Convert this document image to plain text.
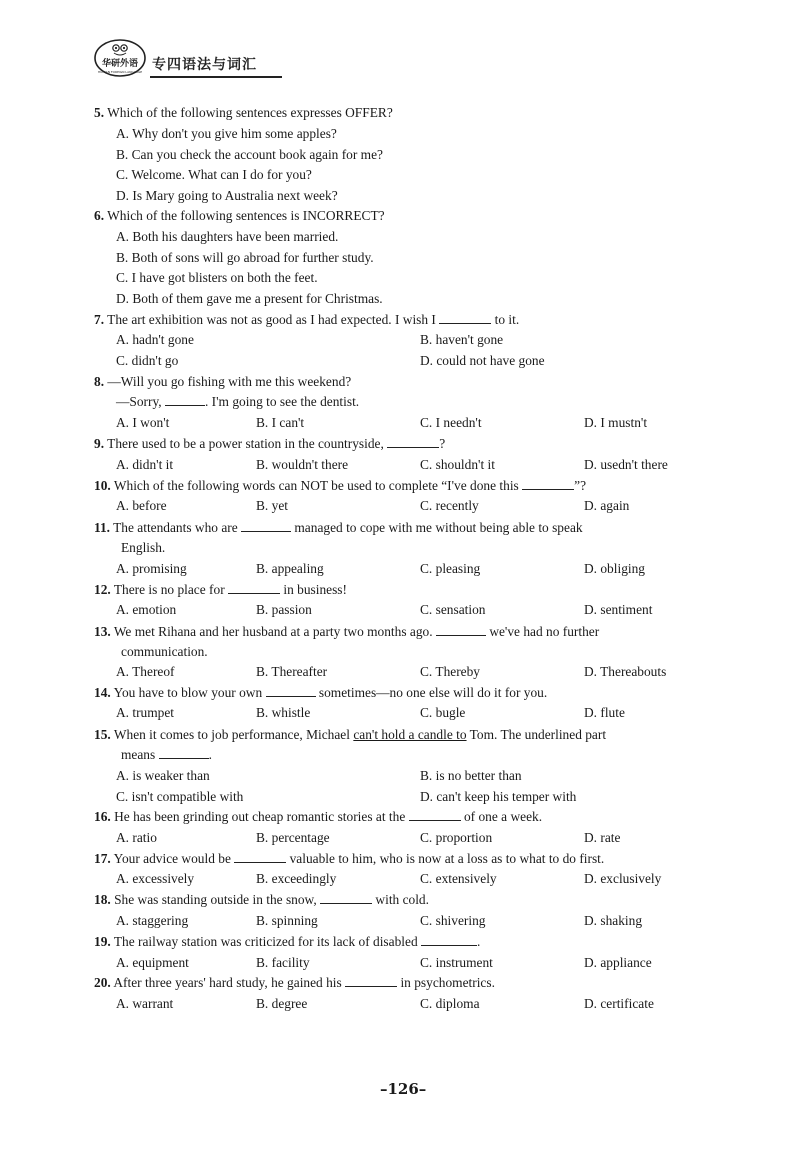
华研外语
HUAYAN FOREIGN LANGUAGE 专四语法与词汇
5. Which of the following sentences expresses OFFER?
A. Why don't you give him some apples?
B. Can you check the account book again for me?
C. Welcome. What can I do for you?
D. Is Mary going to Australia next week?
6. Which of the following sentences is INCORRECT?
A. Both his daughters have been married.
B. Both of sons will go abroad for further study.
C. I have got blisters on both the feet.
D. Both of them gave me a present for Christmas.
7. The art exhibition was not as good as I had expected. I wish I	to it.
A. hadn't gone	B. haven't gone
C. didn't go	D. could not have gone
8. —Will you go fishing with me this weekend?
—Sorry,	. I'm going to see the dentist.
A. I won't	B. I can't	C. I needn't	D. I mustn't
9. There used to be a power station in the countryside,	?
A. didn't it	B. wouldn't there	C. shouldn't it	D. usedn't there
10. Which of the following words can NOT be used to complete “I've done this	”?
A. before	B. yet	C. recently	D. again
11. The attendants who are	managed to cope with me without being able to speak
English.
A. promising	B. appealing	C. pleasing	D. obliging
12. There is no place for	in business!
A. emotion	B. passion	C. sensation	D. sentiment
13. We met Rihana and her husband at a party two months ago.	we've had no further
communication.
A. Thereof	B. Thereafter	C. Thereby	D. Thereabouts
14. You have to blow your own	sometimes—no one else will do it for you.
A. trumpet	B. whistle	C. bugle	D. flute
15. When it comes to job performance, Michael can't hold a candle to Tom. The underlined part
means	.
A. is weaker than	B. is no better than
C. isn't compatible with	D. can't keep his temper with
16. He has been grinding out cheap romantic stories at the	of one a week.
A. ratio	B. percentage	C. proportion	D. rate
17. Your advice would be	valuable to him, who is now at a loss as to what to do first.
A. excessively	B. exceedingly	C. extensively	D. exclusively
18. She was standing outside in the snow,	with cold.
A. staggering	B. spinning	C. shivering	D. shaking
19. The railway station was criticized for its lack of disabled	.
A. equipment	B. facility	C. instrument	D. appliance
20. After three years' hard study, he gained his	in psychometrics.
A. warrant	B. degree	C. diploma	D. certificate
–126–
